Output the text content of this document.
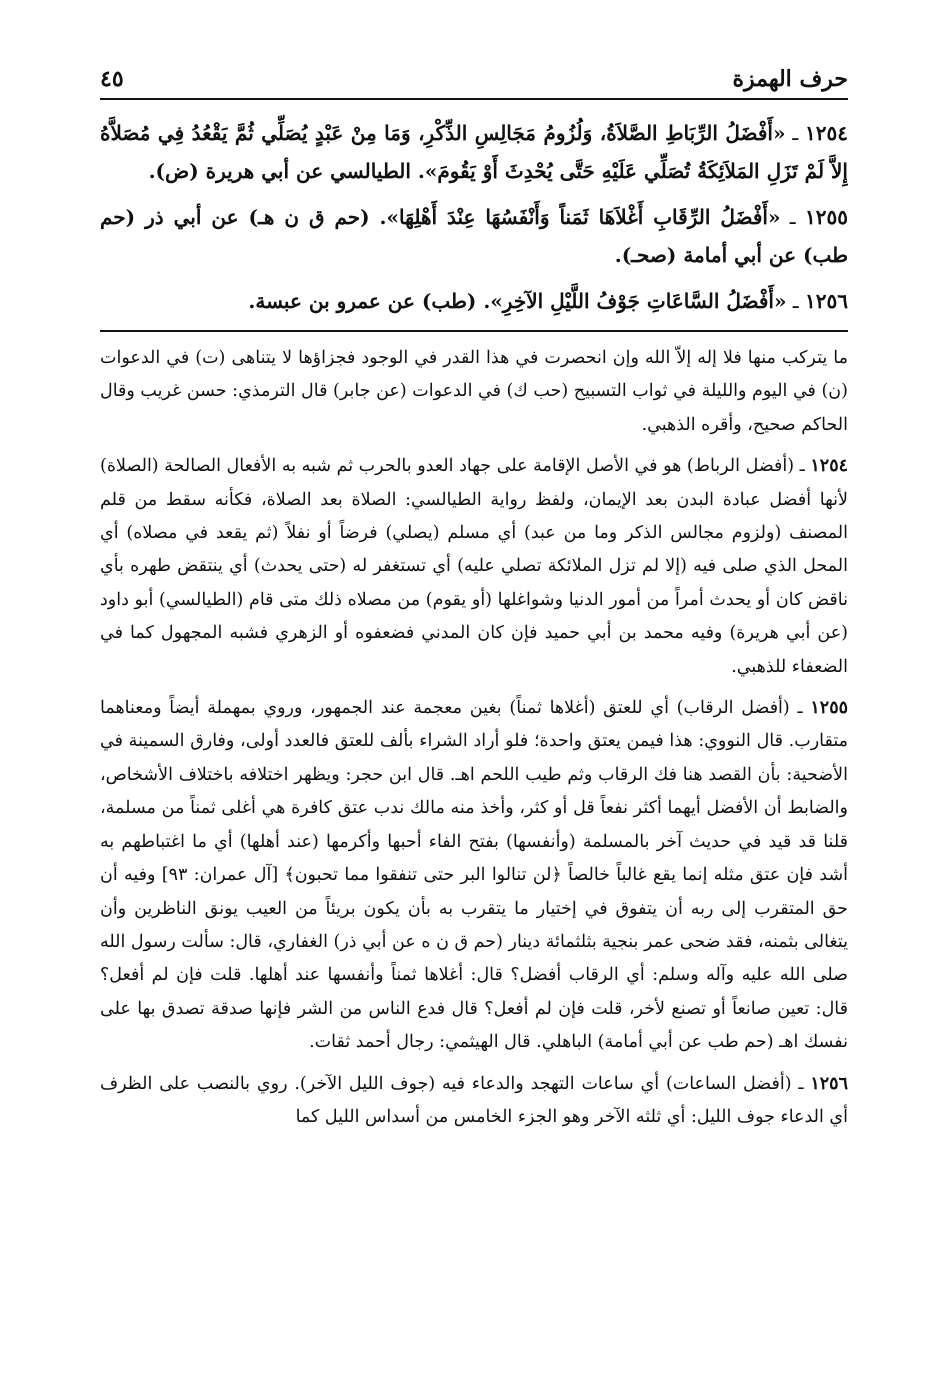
حرف الهمزة
٤٥

١٢٥٤ ـ «أَفْضَلُ الرِّبَاطِ الصَّلاَةُ، وَلُزُومُ مَجَالِسِ الذِّكْرِ، وَمَا مِنْ عَبْدٍ يُصَلِّي ثُمَّ يَقْعُدُ فِي مُصَلاَّهُ إِلاَّ لَمْ تَزَلِ المَلاَئِكَةُ تُصَلِّي عَلَيْهِ حَتَّى يُحْدِثَ أَوْ يَقُومَ». الطيالسي عن أبي هريرة (ض).

١٢٥٥ ـ «أَفْضَلُ الرِّقَابِ أَغْلاَهَا ثَمَناً وَأَنْفَسُهَا عِنْدَ أَهْلِهَا». (حم ق ن هـ) عن أبي ذر (حم طب) عن أبي أمامة (صحـ).

١٢٥٦ ـ «أَفْضَلُ السَّاعَاتِ جَوْفُ اللَّيْلِ الآخِرِ». (طب) عن عمرو بن عبسة.

ما يتركب منها فلا إله إلاّ الله وإن انحصرت في هذا القدر في الوجود فجزاؤها لا يتناهى (ت) في الدعوات (ن) في اليوم والليلة في ثواب التسبيح (حب ك) في الدعوات (عن جابر) قال الترمذي: حسن غريب وقال الحاكم صحيح، وأقره الذهبي.

١٢٥٤ ـ (أفضل الرباط) هو في الأصل الإقامة على جهاد العدو بالحرب ثم شبه به الأفعال الصالحة (الصلاة) لأنها أفضل عبادة البدن بعد الإيمان، ولفظ رواية الطيالسي: الصلاة بعد الصلاة، فكأنه سقط من قلم المصنف (ولزوم مجالس الذكر وما من عبد) أي مسلم (يصلي) فرضاً أو نفلاً (ثم يقعد في مصلاه) أي المحل الذي صلى فيه (إلا لم تزل الملائكة تصلي عليه) أي تستغفر له (حتى يحدث) أي ينتقض طهره بأي ناقض كان أو يحدث أمراً من أمور الدنيا وشواغلها (أو يقوم) من مصلاه ذلك متى قام (الطيالسي) أبو داود (عن أبي هريرة) وفيه محمد بن أبي حميد فإن كان المدني فضعفوه أو الزهري فشبه المجهول كما في الضعفاء للذهبي.

١٢٥٥ ـ (أفضل الرقاب) أي للعتق (أغلاها ثمناً) بغين معجمة عند الجمهور، وروي بمهملة أيضاً ومعناهما متقارب. قال النووي: هذا فيمن يعتق واحدة؛ فلو أراد الشراء بألف للعتق فالعدد أولى، وفارق السمينة في الأضحية: بأن القصد هنا فك الرقاب وثم طيب اللحم اهـ. قال ابن حجر: ويظهر اختلافه باختلاف الأشخاص، والضابط أن الأفضل أيهما أكثر نفعاً قل أو كثر، وأخذ منه مالك ندب عتق كافرة هي أغلى ثمناً من مسلمة، قلنا قد قيد في حديث آخر بالمسلمة (وأنفسها) بفتح الفاء أحبها وأكرمها (عند أهلها) أي ما اغتباطهم به أشد فإن عتق مثله إنما يقع غالباً خالصاً ﴿لن تنالوا البر حتى تنفقوا مما تحبون﴾ [آل عمران: ٩٣] وفيه أن حق المتقرب إلى ربه أن يتفوق في إختيار ما يتقرب به بأن يكون بريئاً من العيب يونق الناظرين وأن يتغالى بثمنه، فقد ضحى عمر بنجية بثلثمائة دينار (حم ق ن ه عن أبي ذر) الغفاري، قال: سألت رسول الله صلى الله عليه وآله وسلم: أي الرقاب أفضل؟ قال: أغلاها ثمناً وأنفسها عند أهلها. قلت فإن لم أفعل؟ قال: تعين صانعاً أو تصنع لأخر، قلت فإن لم أفعل؟ قال فدع الناس من الشر فإنها صدقة تصدق بها على نفسك اهـ (حم طب عن أبي أمامة) الباهلي. قال الهيثمي: رجال أحمد ثقات.

١٢٥٦ ـ (أفضل الساعات) أي ساعات التهجد والدعاء فيه (جوف الليل الآخر). روي بالنصب على الظرف أي الدعاء جوف الليل: أي ثلثه الآخر وهو الجزء الخامس من أسداس الليل كما
